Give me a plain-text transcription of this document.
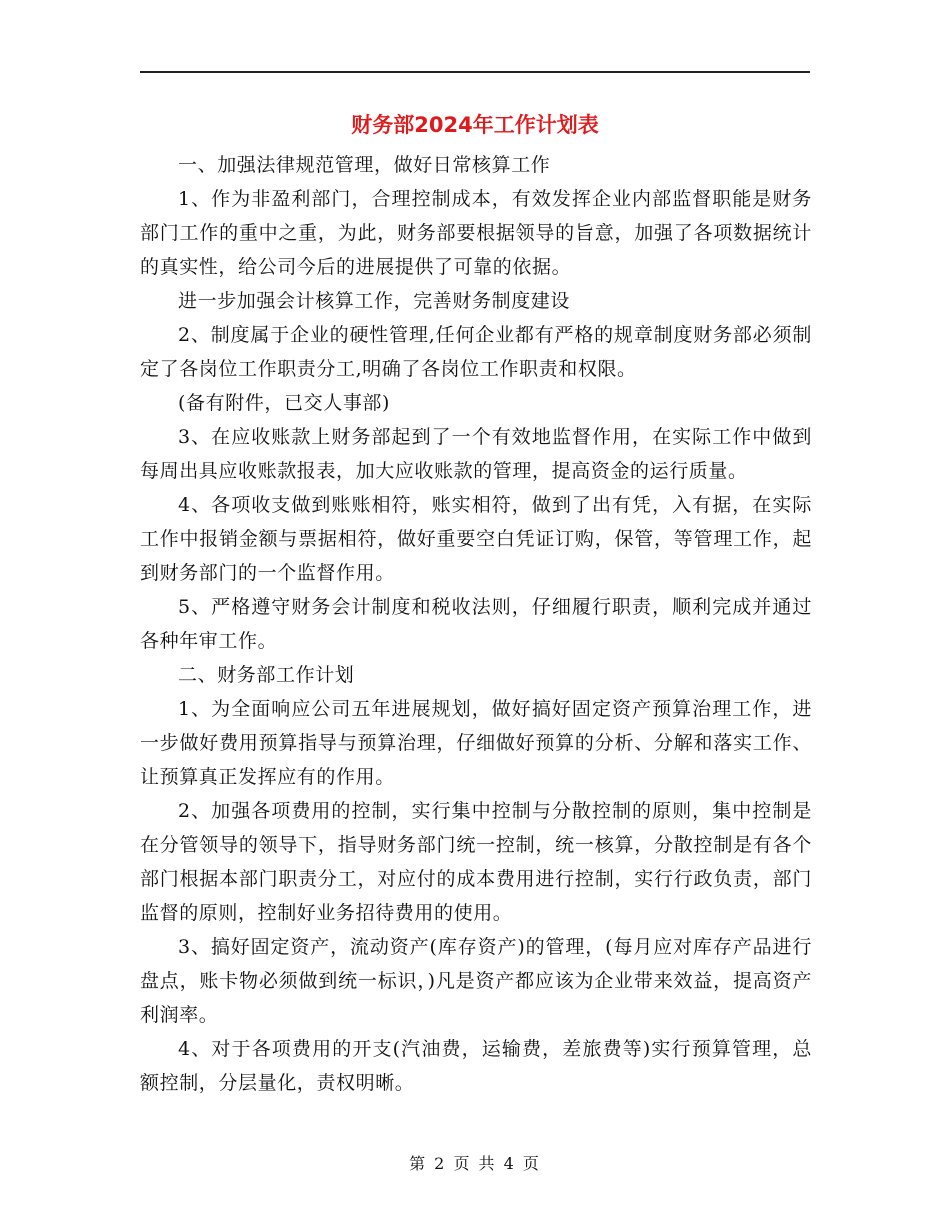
财务部2024年工作计划表

一、加强法律规范管理，做好日常核算工作

1、作为非盈利部门，合理控制成本，有效发挥企业内部监督职能是财务部门工作的重中之重，为此，财务部要根据领导的旨意，加强了各项数据统计的真实性，给公司今后的进展提供了可靠的依据。

进一步加强会计核算工作，完善财务制度建设

2、制度属于企业的硬性管理,任何企业都有严格的规章制度财务部必须制定了各岗位工作职责分工,明确了各岗位工作职责和权限。

(备有附件，已交人事部)

3、在应收账款上财务部起到了一个有效地监督作用，在实际工作中做到每周出具应收账款报表，加大应收账款的管理，提高资金的运行质量。

4、各项收支做到账账相符，账实相符，做到了出有凭，入有据，在实际工作中报销金额与票据相符，做好重要空白凭证订购，保管，等管理工作，起到财务部门的一个监督作用。

5、严格遵守财务会计制度和税收法则，仔细履行职责，顺利完成并通过各种年审工作。

二、财务部工作计划

1、为全面响应公司五年进展规划，做好搞好固定资产预算治理工作，进一步做好费用预算指导与预算治理，仔细做好预算的分析、分解和落实工作、让预算真正发挥应有的作用。

2、加强各项费用的控制，实行集中控制与分散控制的原则，集中控制是在分管领导的领导下，指导财务部门统一控制，统一核算，分散控制是有各个部门根据本部门职责分工，对应付的成本费用进行控制，实行行政负责，部门监督的原则，控制好业务招待费用的使用。

3、搞好固定资产，流动资产(库存资产)的管理，(每月应对库存产品进行盘点，账卡物必须做到统一标识，)凡是资产都应该为企业带来效益，提高资产利润率。

4、对于各项费用的开支(汽油费，运输费，差旅费等)实行预算管理，总额控制，分层量化，责权明晰。

第 2 页 共 4 页
